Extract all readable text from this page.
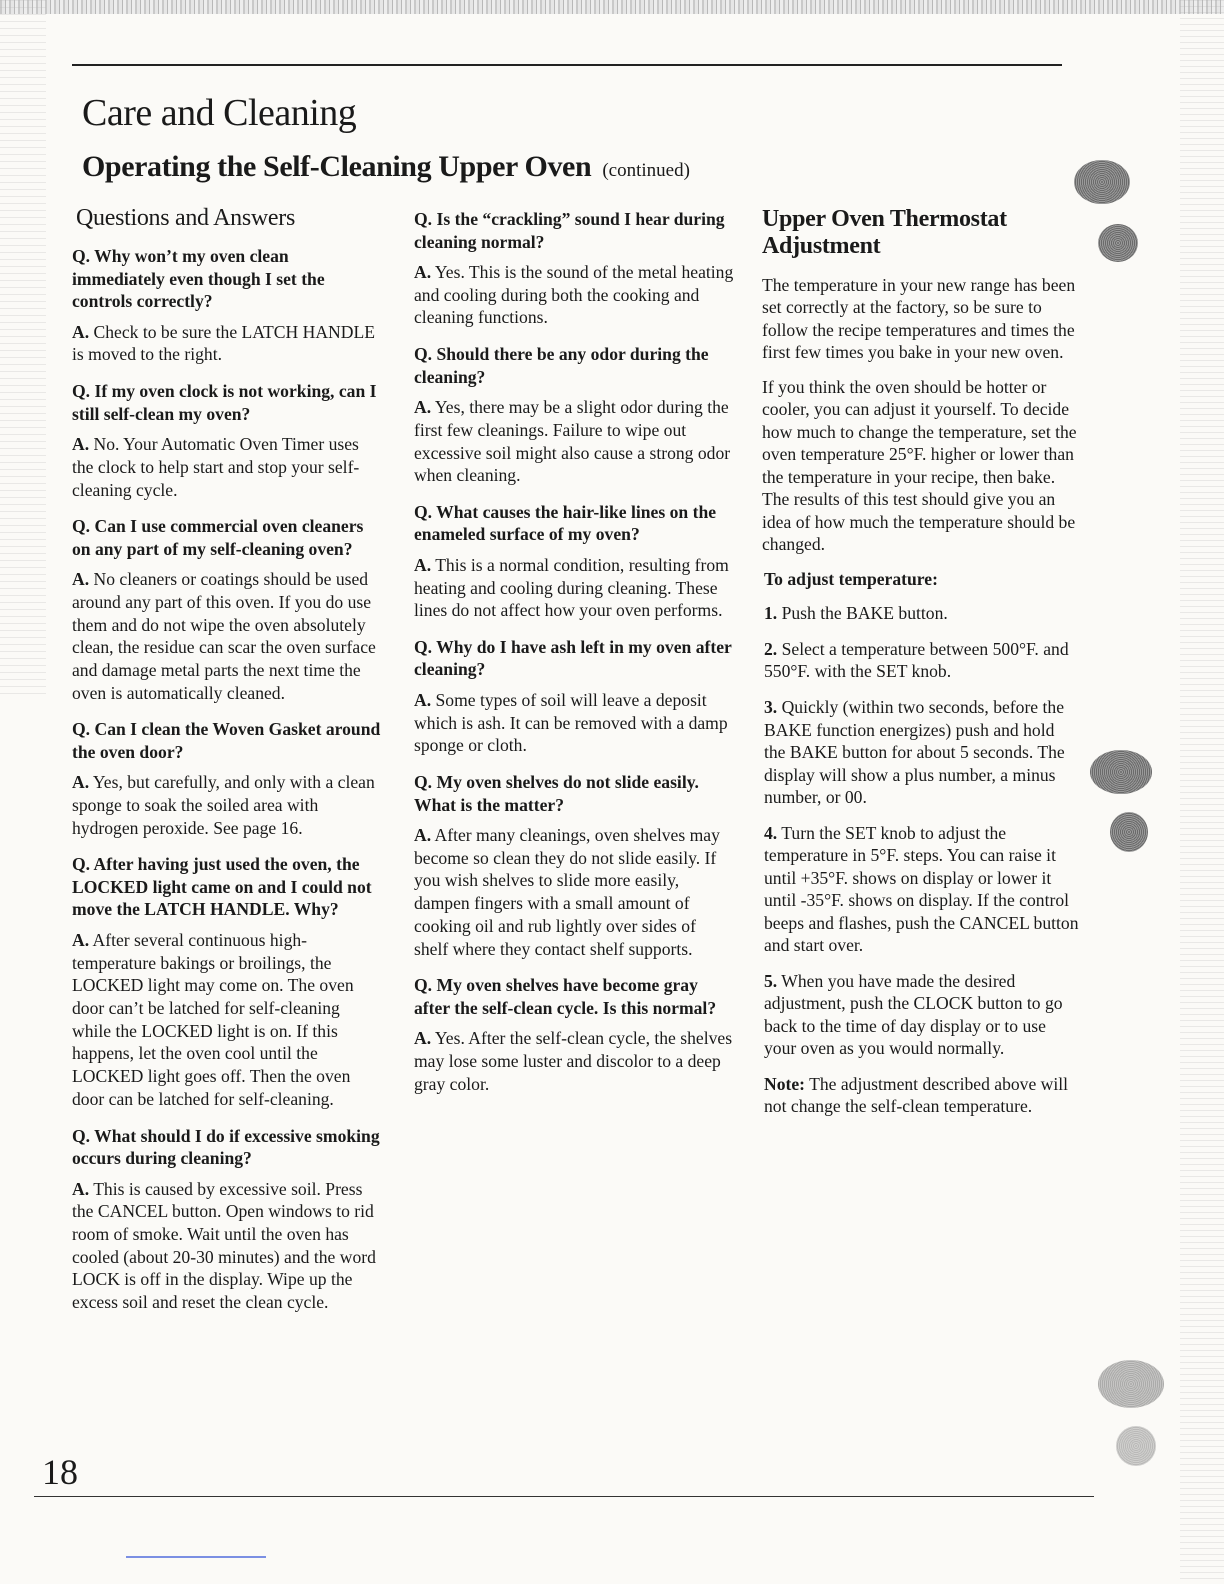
Care and Cleaning
Operating the Self-Cleaning Upper Oven (continued)
Questions and Answers

Q. Why won’t my oven clean immediately even though I set the controls correctly?

A. Check to be sure the LATCH HANDLE is moved to the right.

Q. If my oven clock is not working, can I still self-clean my oven?

A. No. Your Automatic Oven Timer uses the clock to help start and stop your self-cleaning cycle.

Q. Can I use commercial oven cleaners on any part of my self-cleaning oven?

A. No cleaners or coatings should be used around any part of this oven. If you do use them and do not wipe the oven absolutely clean, the residue can scar the oven surface and damage metal parts the next time the oven is automatically cleaned.

Q. Can I clean the Woven Gasket around the oven door?

A. Yes, but carefully, and only with a clean sponge to soak the soiled area with hydrogen peroxide. See page 16.

Q. After having just used the oven, the LOCKED light came on and I could not move the LATCH HANDLE. Why?

A. After several continuous high-temperature bakings or broilings, the LOCKED light may come on. The oven door can’t be latched for self-cleaning while the LOCKED light is on. If this happens, let the oven cool until the LOCKED light goes off. Then the oven door can be latched for self-cleaning.

Q. What should I do if excessive smoking occurs during cleaning?

A. This is caused by excessive soil. Press the CANCEL button. Open windows to rid room of smoke. Wait until the oven has cooled (about 20-30 minutes) and the word LOCK is off in the display. Wipe up the excess soil and reset the clean cycle.

Q. Is the “crackling” sound I hear during cleaning normal?

A. Yes. This is the sound of the metal heating and cooling during both the cooking and cleaning functions.

Q. Should there be any odor during the cleaning?

A. Yes, there may be a slight odor during the first few cleanings. Failure to wipe out excessive soil might also cause a strong odor when cleaning.

Q. What causes the hair-like lines on the enameled surface of my oven?

A. This is a normal condition, resulting from heating and cooling during cleaning. These lines do not affect how your oven performs.

Q. Why do I have ash left in my oven after cleaning?

A. Some types of soil will leave a deposit which is ash. It can be removed with a damp sponge or cloth.

Q. My oven shelves do not slide easily. What is the matter?

A. After many cleanings, oven shelves may become so clean they do not slide easily. If you wish shelves to slide more easily, dampen fingers with a small amount of cooking oil and rub lightly over sides of shelf where they contact shelf supports.

Q. My oven shelves have become gray after the self-clean cycle. Is this normal?

A. Yes. After the self-clean cycle, the shelves may lose some luster and discolor to a deep gray color.

Upper Oven Thermostat Adjustment

The temperature in your new range has been set correctly at the factory, so be sure to follow the recipe temperatures and times the first few times you bake in your new oven.

If you think the oven should be hotter or cooler, you can adjust it yourself. To decide how much to change the temperature, set the oven temperature 25°F. higher or lower than the temperature in your recipe, then bake. The results of this test should give you an idea of how much the temperature should be changed.

To adjust temperature:

1. Push the BAKE button.

2. Select a temperature between 500°F. and 550°F. with the SET knob.

3. Quickly (within two seconds, before the BAKE function energizes) push and hold the BAKE button for about 5 seconds. The display will show a plus number, a minus number, or 00.

4. Turn the SET knob to adjust the temperature in 5°F. steps. You can raise it until +35°F. shows on display or lower it until -35°F. shows on display. If the control beeps and flashes, push the CANCEL button and start over.

5. When you have made the desired adjustment, push the CLOCK button to go back to the time of day display or to use your oven as you would normally.

Note: The adjustment described above will not change the self-clean temperature.

18
